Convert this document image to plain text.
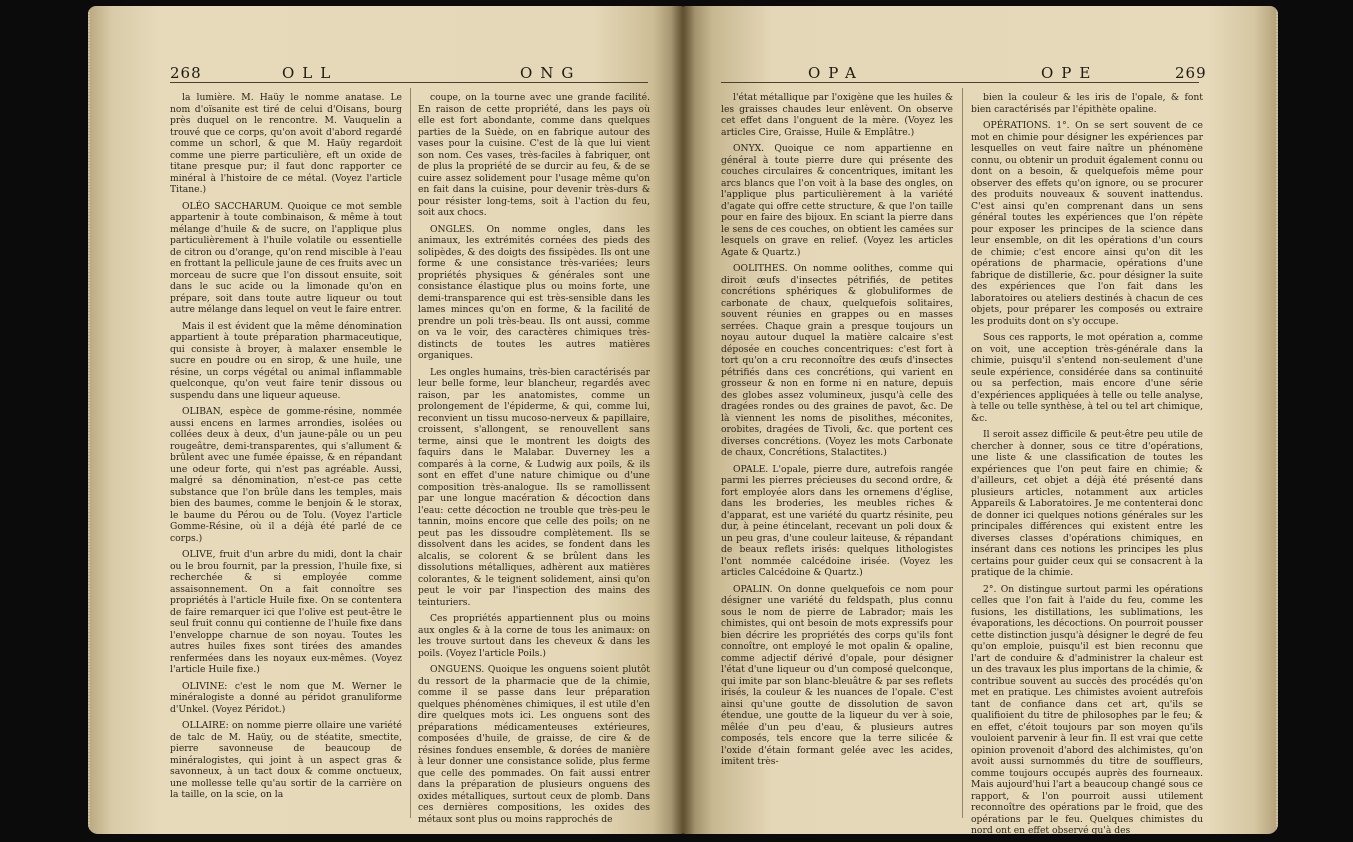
268	OLL	ONG

la lumière. M. Haüy le nomme anatase. Le nom d'oïsanite est tiré de celui d'Oisans, bourg près duquel on le rencontre. M. Vauquelin a trouvé que ce corps, qu'on avoit d'abord regardé comme un schorl, & que M. Haüy regardoit comme une pierre particulière, eft un oxide de titane presque pur; il faut donc rapporter ce minéral à l'histoire de ce métal. (Voyez l'article Titane.)

OLÉO SACCHARUM. Quoique ce mot semble appartenir à toute combinaison, & même à tout mélange d'huile & de sucre, on l'applique plus particulièrement à l'huile volatile ou essentielle de citron ou d'orange, qu'on rend miscible à l'eau en frottant la pellicule jaune de ces fruits avec un morceau de sucre que l'on dissout ensuite, soit dans le suc acide ou la limonade qu'on en prépare, soit dans toute autre liqueur ou tout autre mélange dans lequel on veut le faire entrer.

Mais il est évident que la même dénomination appartient à toute préparation pharmaceutique, qui consiste à broyer, à malaxer ensemble le sucre en poudre ou en sirop, & une huile, une résine, un corps végétal ou animal inflammable quelconque, qu'on veut faire tenir dissous ou suspendu dans une liqueur aqueuse.

OLIBAN, espèce de gomme-résine, nommée aussi encens en larmes arrondies, isolées ou collées deux à deux, d'un jaune-pâle ou un peu rougeâtre, demi-transparentes, qui s'allument & brûlent avec une fumée épaisse, & en répandant une odeur forte, qui n'est pas agréable. Aussi, malgré sa dénomination, n'est-ce pas cette substance que l'on brûle dans les temples, mais bien des baumes, comme le benjoin & le storax, le baume du Pérou ou de Tolu. (Voyez l'article Gomme-Résine, où il a déjà été parlé de ce corps.)

OLIVE, fruit d'un arbre du midi, dont la chair ou le brou fournit, par la pression, l'huile fixe, si recherchée & si employée comme assaisonnement. On a fait connoître ses propriétés à l'article Huile fixe. On se contentera de faire remarquer ici que l'olive est peut-être le seul fruit connu qui contienne de l'huile fixe dans l'enveloppe charnue de son noyau. Toutes les autres huiles fixes sont tirées des amandes renfermées dans les noyaux eux-mêmes. (Voyez l'article Huile fixe.)

OLIVINE: c'est le nom que M. Werner le minéralogiste a donné au péridot granuliforme d'Unkel. (Voyez Péridot.)

OLLAIRE: on nomme pierre ollaire une variété de talc de M. Haüy, ou de stéatite, smectite, pierre savonneuse de beaucoup de minéralogistes, qui joint à un aspect gras & savonneux, à un tact doux & comme onctueux, une mollesse telle qu'au sortir de la carrière on la taille, on la scie, on la

coupe, on la tourne avec une grande facilité. En raison de cette propriété, dans les pays où elle est fort abondante, comme dans quelques parties de la Suède, on en fabrique autour des vases pour la cuisine. C'est de là que lui vient son nom. Ces vases, très-faciles à fabriquer, ont de plus la propriété de se durcir au feu, & de se cuire assez solidement pour l'usage même qu'on en fait dans la cuisine, pour devenir très-durs & pour résister long-tems, soit à l'action du feu, soit aux chocs.

ONGLES. On nomme ongles, dans les animaux, les extrémités cornées des pieds des solipèdes, & des doigts des fissipèdes. Ils ont une forme & une consistance très-variées; leurs propriétés physiques & générales sont une consistance élastique plus ou moins forte, une demi-transparence qui est très-sensible dans les lames minces qu'on en forme, & la facilité de prendre un poli très-beau. Ils ont aussi, comme on va le voir, des caractères chimiques très-distincts de toutes les autres matières organiques.

Les ongles humains, très-bien caractérisés par leur belle forme, leur blancheur, regardés avec raison, par les anatomistes, comme un prolongement de l'épiderme, & qui, comme lui, reconvient un tissu mucoso-nerveux & papillaire, croissent, s'allongent, se renouvellent sans terme, ainsi que le montrent les doigts des faquirs dans le Malabar. Duverney les a comparés à la corne, & Ludwig aux poils, & ils sont en effet d'une nature chimique ou d'une composition très-analogue. Ils se ramollissent par une longue macération & décoction dans l'eau: cette décoction ne trouble que très-peu le tannin, moins encore que celle des poils; on ne peut pas les dissoudre complètement. Ils se dissolvent dans les acides, se fondent dans les alcalis, se colorent & se brûlent dans les dissolutions métalliques, adhèrent aux matières colorantes, & le teignent solidement, ainsi qu'on peut le voir par l'inspection des mains des teinturiers.

Ces propriétés appartiennent plus ou moins aux ongles & à la corne de tous les animaux: on les trouve surtout dans les cheveux & dans les poils. (Voyez l'article Poils.)

ONGUENS. Quoique les onguens soient plutôt du ressort de la pharmacie que de la chimie, comme il se passe dans leur préparation quelques phénomènes chimiques, il est utile d'en dire quelques mots ici. Les onguens sont des préparations médicamenteuses extérieures, composées d'huile, de graisse, de cire & de résines fondues ensemble, & dorées de manière à leur donner une consistance solide, plus ferme que celle des pommades. On fait aussi entrer dans la préparation de plusieurs onguens des oxides métalliques, surtout ceux de plomb. Dans ces dernières compositions, les oxides des métaux sont plus ou moins rapprochés de

OPA	OPE	269

l'état métallique par l'oxigène que les huiles & les graisses chaudes leur enlèvent. On observe cet effet dans l'onguent de la mère. (Voyez les articles Cire, Graisse, Huile & Emplâtre.)

ONYX. Quoique ce nom appartienne en général à toute pierre dure qui présente des couches circulaires & concentriques, imitant les arcs blancs que l'on voit à la base des ongles, on l'applique plus particulièrement à la variété d'agate qui offre cette structure, & que l'on taille pour en faire des bijoux. En sciant la pierre dans le sens de ces couches, on obtient les camées sur lesquels on grave en relief. (Voyez les articles Agate & Quartz.)

OOLITHES. On nomme oolithes, comme qui diroit œufs d'insectes pétrifiés, de petites concrétions sphériques & globuliformes de carbonate de chaux, quelquefois solitaires, souvent réunies en grappes ou en masses serrées. Chaque grain a presque toujours un noyau autour duquel la matière calcaire s'est déposée en couches concentriques: c'est fort à tort qu'on a cru reconnoître des œufs d'insectes pétrifiés dans ces concrétions, qui varient en grosseur & non en forme ni en nature, depuis des globes assez volumineux, jusqu'à celle des dragées rondes ou des graines de pavot, &c. De là viennent les noms de pisolithes, méconites, orobites, dragées de Tivoli, &c. que portent ces diverses concrétions. (Voyez les mots Carbonate de chaux, Concrétions, Stalactites.)

OPALE. L'opale, pierre dure, autrefois rangée parmi les pierres précieuses du second ordre, & fort employée alors dans les ornemens d'église, dans les broderies, les meubles riches & d'apparat, est une variété du quartz résinite, peu dur, à peine étincelant, recevant un poli doux & un peu gras, d'une couleur laiteuse, & répandant de beaux reflets irisés: quelques lithologistes l'ont nommée calcédoine irisée. (Voyez les articles Calcédoine & Quartz.)

OPALIN. On donne quelquefois ce nom pour désigner une variété du feldspath, plus connu sous le nom de pierre de Labrador; mais les chimistes, qui ont besoin de mots expressifs pour bien décrire les propriétés des corps qu'ils font connoître, ont employé le mot opalin & opaline, comme adjectif dérivé d'opale, pour désigner l'état d'une liqueur ou d'un composé quelconque, qui imite par son blanc-bleuâtre & par ses reflets irisés, la couleur & les nuances de l'opale. C'est ainsi qu'une goutte de dissolution de savon étendue, une goutte de la liqueur du ver à soie, mêlée d'un peu d'eau, & plusieurs autres composés, tels encore que la terre silicée & l'oxide d'étain formant gelée avec les acides, imitent très-

bien la couleur & les iris de l'opale, & font bien caractérisés par l'épithète opaline.

OPÉRATIONS. 1°. On se sert souvent de ce mot en chimie pour désigner les expériences par lesquelles on veut faire naître un phénomène connu, ou obtenir un produit également connu ou dont on a besoin, & quelquefois même pour observer des effets qu'on ignore, ou se procurer des produits nouveaux & souvent inattendus. C'est ainsi qu'en comprenant dans un sens général toutes les expériences que l'on répète pour exposer les principes de la science dans leur ensemble, on dit les opérations d'un cours de chimie; c'est encore ainsi qu'on dit les opérations de pharmacie, opérations d'une fabrique de distillerie, &c. pour désigner la suite des expériences que l'on fait dans les laboratoires ou ateliers destinés à chacun de ces objets, pour préparer les composés ou extraire les produits dont on s'y occupe.

Sous ces rapports, le mot opération a, comme on voit, une acception très-générale dans la chimie, puisqu'il s'entend non-seulement d'une seule expérience, considérée dans sa continuité ou sa perfection, mais encore d'une série d'expériences appliquées à telle ou telle analyse, à telle ou telle synthèse, à tel ou tel art chimique, &c.

Il seroit assez difficile & peut-être peu utile de chercher à donner, sous ce titre d'opérations, une liste & une classification de toutes les expériences que l'on peut faire en chimie; & d'ailleurs, cet objet a déjà été présenté dans plusieurs articles, notamment aux articles Appareils & Laboratoires. Je me contenterai donc de donner ici quelques notions générales sur les principales différences qui existent entre les diverses classes d'opérations chimiques, en insérant dans ces notions les principes les plus certains pour guider ceux qui se consacrent à la pratique de la chimie.

2°. On distingue surtout parmi les opérations celles que l'on fait à l'aide du feu, comme les fusions, les distillations, les sublimations, les évaporations, les décoctions. On pourroit pousser cette distinction jusqu'à désigner le degré de feu qu'on emploie, puisqu'il est bien reconnu que l'art de conduire & d'administrer la chaleur est un des travaux les plus importans de la chimie, & contribue souvent au succès des procédés qu'on met en pratique. Les chimistes avoient autrefois tant de confiance dans cet art, qu'ils se qualifioient du titre de philosophes par le feu; & en effet, c'étoit toujours par son moyen qu'ils vouloient parvenir à leur fin. Il est vrai que cette opinion provenoit d'abord des alchimistes, qu'on avoit aussi surnommés du titre de souffleurs, comme toujours occupés auprès des fourneaux. Mais aujourd'hui l'art a beaucoup changé sous ce rapport, & l'on pourroit aussi utilement reconnoître des opérations par le froid, que des opérations par le feu. Quelques chimistes du nord ont en effet observé qu'à des
